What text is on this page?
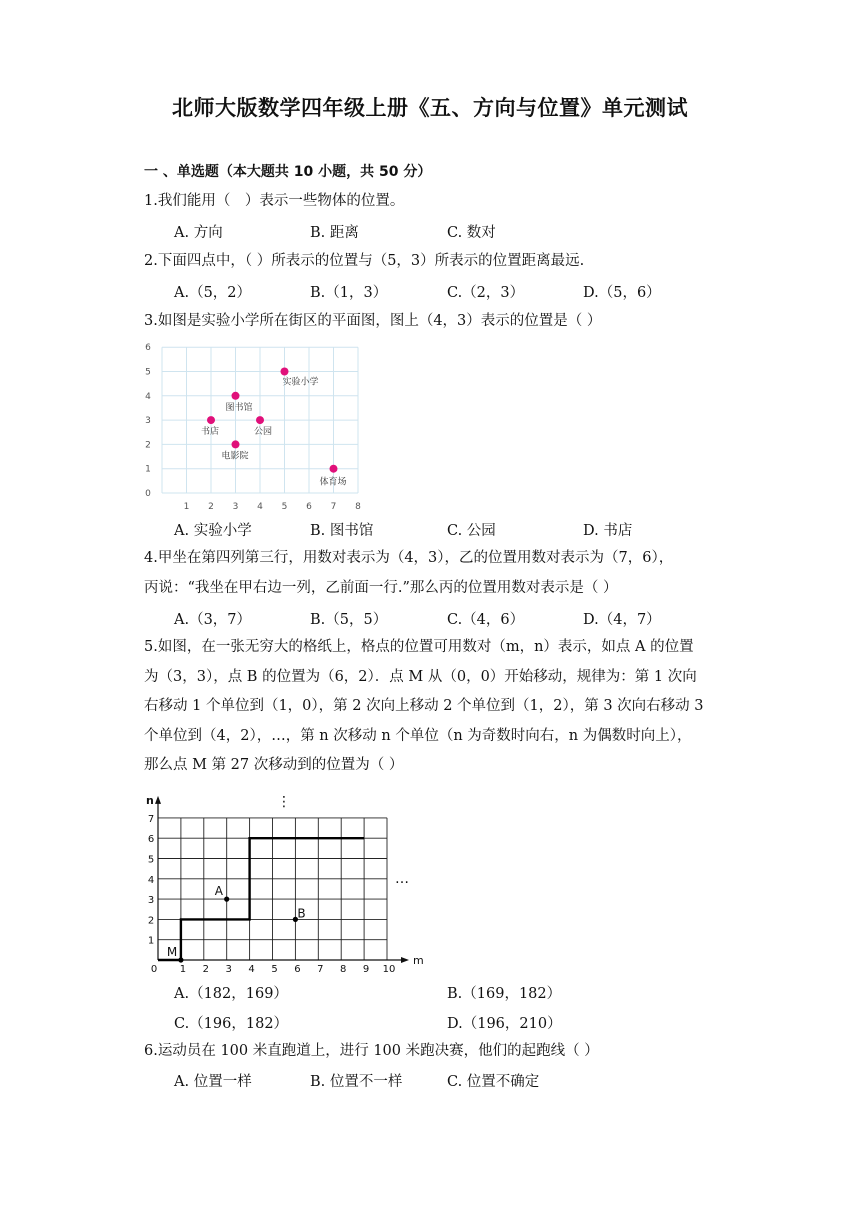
北师大版数学四年级上册《五、方向与位置》单元测试
一 、单选题（本大题共 10 小题，共 50 分）
1.我们能用（　）表示一些物体的位置。
A. 方向	B. 距离	C. 数对
2.下面四点中，（ ）所表示的位置与（5，3）所表示的位置距离最远.
A.（5，2）	B.（1，3）	C.（2，3）	D.（5，6）
3.如图是实验小学所在街区的平面图，图上（4，3）表示的位置是（ ）
1 2 3 4 5 6 7 8
0
1
2
3
4
5
6
实验小学
图书馆
书店	公园
电影院
体育场
A. 实验小学	B. 图书馆	C. 公园	D. 书店
4.甲坐在第四列第三行，用数对表示为（4，3），乙的位置用数对表示为（7，6），
丙说：“我坐在甲右边一列，乙前面一行.”那么丙的位置用数对表示是（ ）
A.（3，7）	B.（5，5）	C.（4，6）	D.（4，7）
5.如图，在一张无穷大的格纸上，格点的位置可用数对（m，n）表示，如点 A 的位置
为（3，3），点 B 的位置为（6，2）．点 M 从（0，0）开始移动，规律为：第 1 次向
右移动 1 个单位到（1，0），第 2 次向上移动 2 个单位到（1，2），第 3 次向右移动 3
个单位到（4，2），…，第 n 次移动 n 个单位（n 为奇数时向右，n 为偶数时向上），
那么点 M 第 27 次移动到的位置为（ ）
m
n
0 1 2 3 4 5 6 7 8 9 10
1
2
3
4
5
6
7
M
A
B
…
⋮
A.（182，169）	B.（169，182）
C.（196，182）	D.（196，210）
6.运动员在 100 米直跑道上，进行 100 米跑决赛，他们的起跑线（ ）
A. 位置一样	B. 位置不一样	C. 位置不确定
